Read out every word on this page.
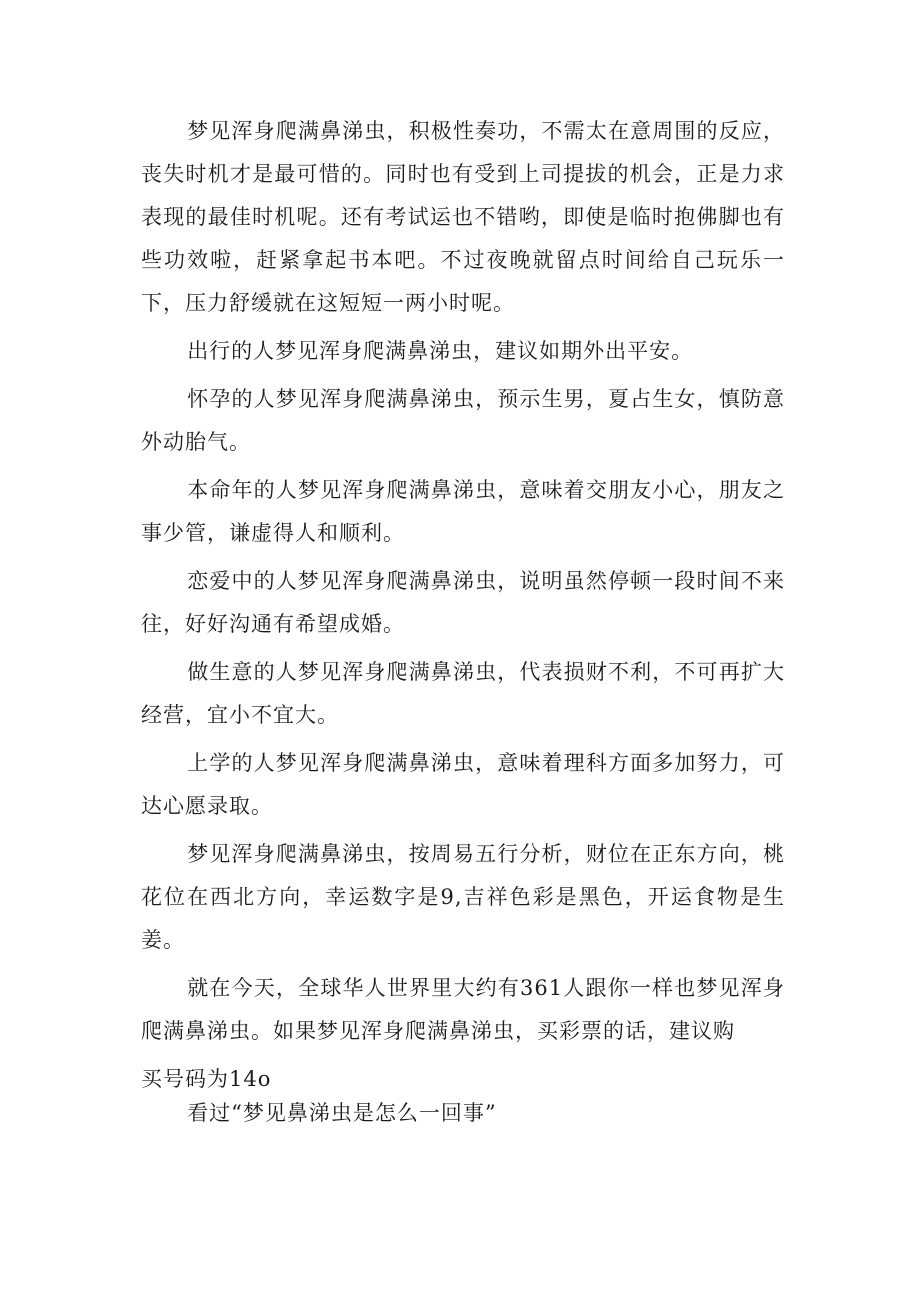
梦见浑身爬满鼻涕虫，积极性奏功，不需太在意周围的反应，丧失时机才是最可惜的。同时也有受到上司提拔的机会，正是力求表现的最佳时机呢。还有考试运也不错哟，即使是临时抱佛脚也有些功效啦，赶紧拿起书本吧。不过夜晚就留点时间给自己玩乐一下，压力舒缓就在这短短一两小时呢。

出行的人梦见浑身爬满鼻涕虫，建议如期外出平安。

怀孕的人梦见浑身爬满鼻涕虫，预示生男，夏占生女，慎防意外动胎气。

本命年的人梦见浑身爬满鼻涕虫，意味着交朋友小心，朋友之事少管，谦虚得人和顺利。

恋爱中的人梦见浑身爬满鼻涕虫，说明虽然停顿一段时间不来往，好好沟通有希望成婚。

做生意的人梦见浑身爬满鼻涕虫，代表损财不利，不可再扩大经营，宜小不宜大。

上学的人梦见浑身爬满鼻涕虫，意味着理科方面多加努力，可达心愿录取。

梦见浑身爬满鼻涕虫，按周易五行分析，财位在正东方向，桃花位在西北方向，幸运数字是9,吉祥色彩是黑色，开运食物是生姜。

就在今天，全球华人世界里大约有361人跟你一样也梦见浑身爬满鼻涕虫。如果梦见浑身爬满鼻涕虫，买彩票的话，建议购

买号码为14o

看过“梦见鼻涕虫是怎么一回事”
